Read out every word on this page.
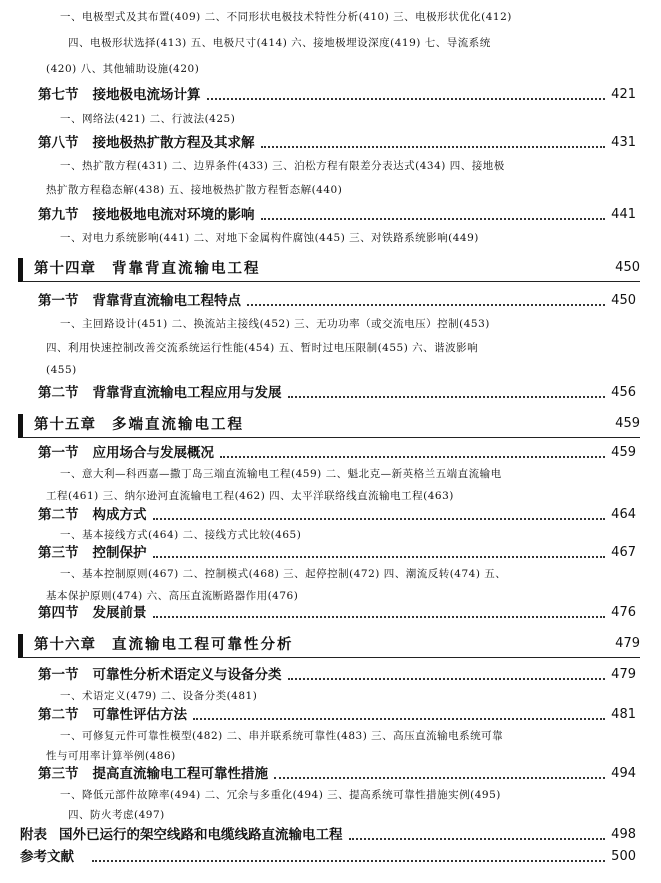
一、电极型式及其布置(409) 二、不同形状电极技术特性分析(410) 三、电极形状优化(412)
四、电极形状选择(413) 五、电极尺寸(414) 六、接地极埋设深度(419) 七、导流系统
(420) 八、其他辅助设施(420)
第七节 接地极电流场计算	421
一、网络法(421) 二、行波法(425)
第八节 接地极热扩散方程及其求解	431
一、热扩散方程(431) 二、边界条件(433) 三、泊松方程有限差分表达式(434) 四、接地极
热扩散方程稳态解(438) 五、接地极热扩散方程暂态解(440)
第九节 接地极地电流对环境的影响	441
一、对电力系统影响(441) 二、对地下金属构件腐蚀(445) 三、对铁路系统影响(449)
第十四章 背靠背直流输电工程	450
第一节 背靠背直流输电工程特点	450
一、主回路设计(451) 二、换流站主接线(452) 三、无功功率（或交流电压）控制(453)
四、利用快速控制改善交流系统运行性能(454) 五、暂时过电压限制(455) 六、谐波影响
(455)
第二节 背靠背直流输电工程应用与发展	456
第十五章 多端直流输电工程	459
第一节 应用场合与发展概况	459
一、意大利—科西嘉—撒丁岛三端直流输电工程(459) 二、魁北克—新英格兰五端直流输电
工程(461) 三、纳尔逊河直流输电工程(462) 四、太平洋联络线直流输电工程(463)
第二节 构成方式	464
一、基本接线方式(464) 二、接线方式比较(465)
第三节 控制保护	467
一、基本控制原则(467) 二、控制模式(468) 三、起停控制(472) 四、潮流反转(474) 五、
基本保护原则(474) 六、高压直流断路器作用(476)
第四节 发展前景	476
第十六章 直流输电工程可靠性分析	479
第一节 可靠性分析术语定义与设备分类	479
一、术语定义(479) 二、设备分类(481)
第二节 可靠性评估方法	481
一、可修复元件可靠性模型(482) 二、串并联系统可靠性(483) 三、高压直流输电系统可靠
性与可用率计算举例(486)
第三节 提高直流输电工程可靠性措施	494
一、降低元部件故障率(494) 二、冗余与多重化(494) 三、提高系统可靠性措施实例(495)
四、防火考虑(497)
附表 国外已运行的架空线路和电缆线路直流输电工程	498
参考文献	500
